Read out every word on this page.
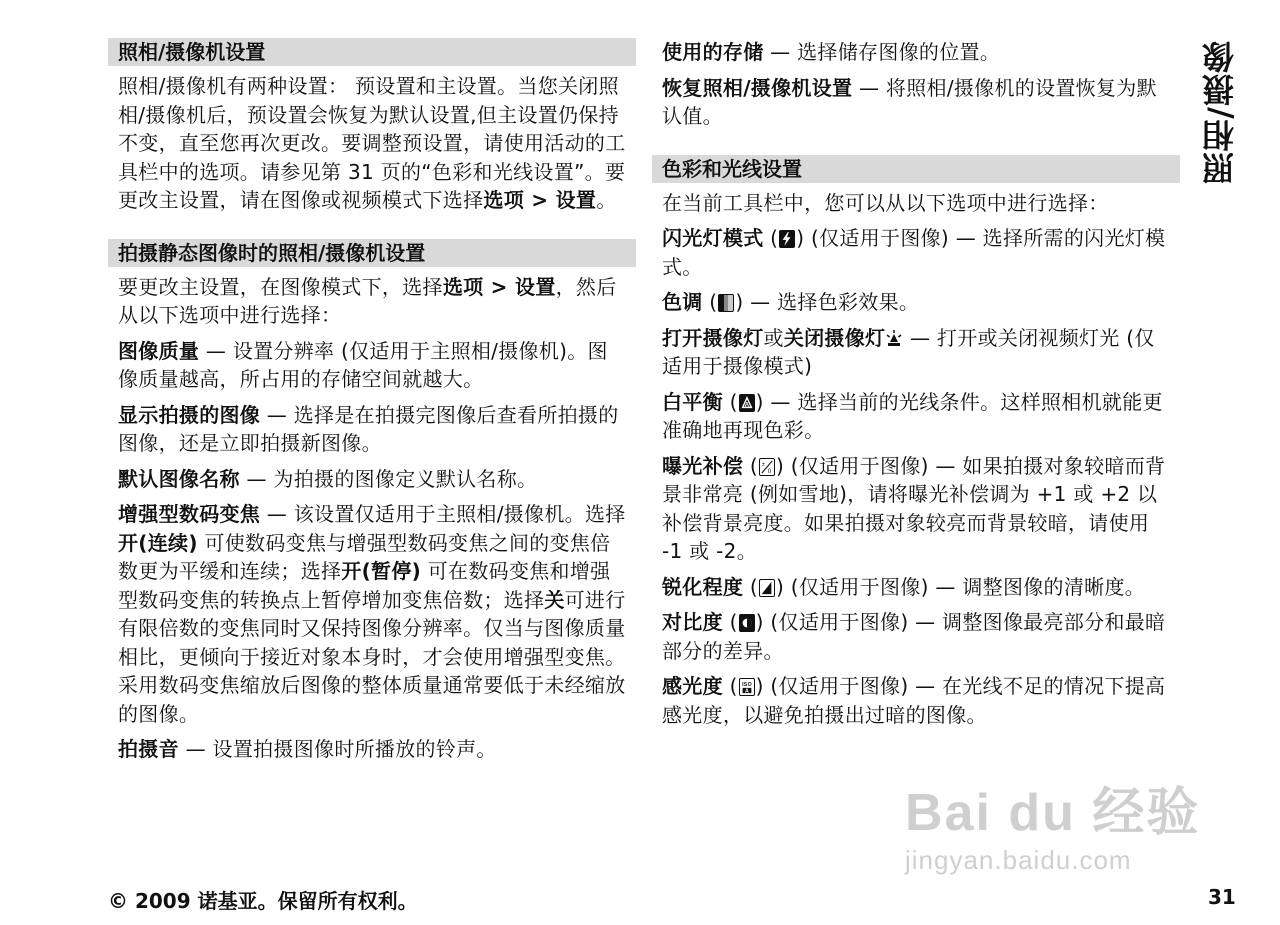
照相/摄像
照相/摄像机设置
照相/摄像机有两种设置： 预设置和主设置。当您关闭照相/摄像机后，预设置会恢复为默认设置,但主设置仍保持不变，直至您再次更改。要调整预设置，请使用活动的工具栏中的选项。请参见第 31 页的“色彩和光线设置”。要更改主设置，请在图像或视频模式下选择选项 > 设置。
拍摄静态图像时的照相/摄像机设置
要更改主设置，在图像模式下，选择选项 > 设置，然后从以下选项中进行选择：
图像质量 — 设置分辨率 (仅适用于主照相/摄像机)。图像质量越高，所占用的存储空间就越大。
显示拍摄的图像 — 选择是在拍摄完图像后查看所拍摄的图像，还是立即拍摄新图像。
默认图像名称 — 为拍摄的图像定义默认名称。
增强型数码变焦 — 该设置仅适用于主照相/摄像机。选择开(连续) 可使数码变焦与增强型数码变焦之间的变焦倍数更为平缓和连续；选择开(暂停) 可在数码变焦和增强型数码变焦的转换点上暂停增加变焦倍数；选择关可进行有限倍数的变焦同时又保持图像分辨率。仅当与图像质量相比，更倾向于接近对象本身时，才会使用增强型变焦。采用数码变焦缩放后图像的整体质量通常要低于未经缩放的图像。
拍摄音 — 设置拍摄图像时所播放的铃声。
使用的存储 — 选择储存图像的位置。
恢复照相/摄像机设置 — 将照相/摄像机的设置恢复为默认值。
色彩和光线设置
在当前工具栏中，您可以从以下选项中进行选择：
闪光灯模式 ( ) (仅适用于图像) — 选择所需的闪光灯模式。
色调 ( ) — 选择色彩效果。
打开摄像灯或关闭摄像灯
— 打开或关闭视频灯光 (仅适用于摄像模式)
白平衡 ( A ) — 选择当前的光线条件。这样照相机就能更准确地再现色彩。
曝光补偿 ( ±
0 ) (仅适用于图像) — 如果拍摄对象较暗而背景非常亮 (例如雪地)，请将曝光补偿调为 +1 或 +2 以补偿背景亮度。如果拍摄对象较亮而背景较暗，请使用 -1 或 -2。
锐化程度 ( ) (仅适用于图像) — 调整图像的清晰度。
对比度 ( ) (仅适用于图像) — 调整图像最亮部分和最暗部分的差异。
感光度 ( ISO
A ) (仅适用于图像) — 在光线不足的情况下提高感光度，以避免拍摄出过暗的图像。
Bai du 经验
jingyan.baidu.com
© 2009 诺基亚。保留所有权利。	31
